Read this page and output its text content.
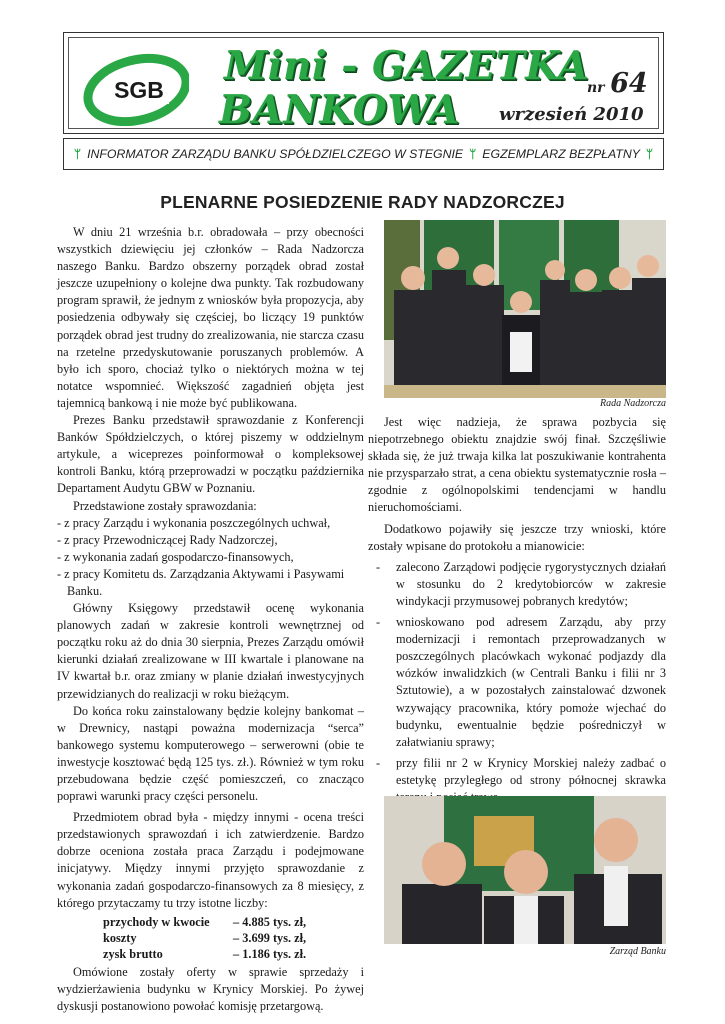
SGB
Mini - GAZETKA
BANKOWA	nr 64
wrzesień 2010
ᛘ INFORMATOR ZARZĄDU BANKU SPÓŁDZIELCZEGO W STEGNIE ᛘ EGZEMPLARZ BEZPŁATNY ᛘ
PLENARNE POSIEDZENIE RADY NADZORCZEJ

W dniu 21 września b.r. obradowała – przy obecności wszystkich dziewięciu jej członków – Rada Nadzorcza naszego Banku. Bardzo obszerny porządek obrad został jeszcze uzupełniony o kolejne dwa punkty. Tak rozbudowany program sprawił, że jednym z wniosków była propozycja, aby posiedzenia odbywały się częściej, bo liczący 19 punktów porządek obrad jest trudny do zrealizowania, nie starcza czasu na rzetelne przedyskutowanie poruszanych problemów. A było ich sporo, chociaż tylko o niektórych można w tej notatce wspomnieć. Większość zagadnień objęta jest tajemnicą bankową i nie może być publikowana.

Prezes Banku przedstawił sprawozdanie z Konferencji Banków Spółdzielczych, o której piszemy w oddzielnym artykule, a wiceprezes poinformował o kompleksowej kontroli Banku, którą przeprowadzi w początku października Departament Audytu GBW w Poznaniu.

Przedstawione zostały sprawozdania:

- z pracy Zarządu i wykonania poszczególnych uchwał,

- z pracy Przewodniczącej Rady Nadzorczej,

- z wykonania zadań gospodarczo-finansowych,

- z pracy Komitetu ds. Zarządzania Aktywami i Pasywami Banku.

Główny Księgowy przedstawił ocenę wykonania planowych zadań w zakresie kontroli wewnętrznej od początku roku aż do dnia 30 sierpnia, Prezes Zarządu omówił kierunki działań zrealizowane w III kwartale i planowane na IV kwartał b.r. oraz zmiany w planie działań inwestycyjnych przewidzianych do realizacji w roku bieżącym.

Do końca roku zainstalowany będzie kolejny bankomat – w Drewnicy, nastąpi poważna modernizacja “serca” bankowego systemu komputerowego – serwerowni (obie te inwestycje kosztować będą 125 tys. zł.). Również w tym roku przebudowana będzie część pomieszczeń, co znacząco poprawi warunki pracy części personelu.

Przedmiotem obrad była - między innymi - ocena treści przedstawionych sprawozdań i ich zatwierdzenie. Bardzo dobrze oceniona została praca Zarządu i podejmowane inicjatywy. Między innymi przyjęto sprawozdanie z wykonania zadań gospodarczo-finansowych za 8 miesięcy, z którego przytaczamy tu trzy istotne liczby:

przychody w kwocie	– 4.885 tys. zł,
koszty	– 3.699 tys. zł,
zysk brutto	– 1.186 tys. zł.

Omówione zostały oferty w sprawie sprzedaży i wydzierżawienia budynku w Krynicy Morskiej. Po żywej dyskusji postanowiono powołać komisję przetargową.

Rada Nadzorcza

Jest więc nadzieja, że sprawa pozbycia się niepotrzebnego obiektu znajdzie swój finał. Szczęśliwie składa się, że już trwaja kilka lat poszukiwanie kontrahenta nie przysparzało strat, a cena obiektu systematycznie rosła – zgodnie z ogólnopolskimi tendencjami w handlu nieruchomościami.

Dodatkowo pojawiły się jeszcze trzy wnioski, które zostały wpisane do protokołu a mianowicie:

- zalecono Zarządowi podjęcie rygorystycznych działań w stosunku do 2 kredytobiorców w zakresie windykacji przymusowej pobranych kredytów;
- wnioskowano pod adresem Zarządu, aby przy modernizacji i remontach przeprowadzanych w poszczególnych placówkach wykonać podjazdy dla wózków inwalidzkich (w Centrali Banku i filii nr 3 Sztutowie), a w pozostałych zainstalować dzwonek wzywający pracownika, który pomoże wjechać do budynku, ewentualnie będzie pośredniczył w załatwianiu sprawy;
- przy filii nr 2 w Krynicy Morskiej należy zadbać o estetykę przyległego od strony północnej skrawka
Zarząd Banku
